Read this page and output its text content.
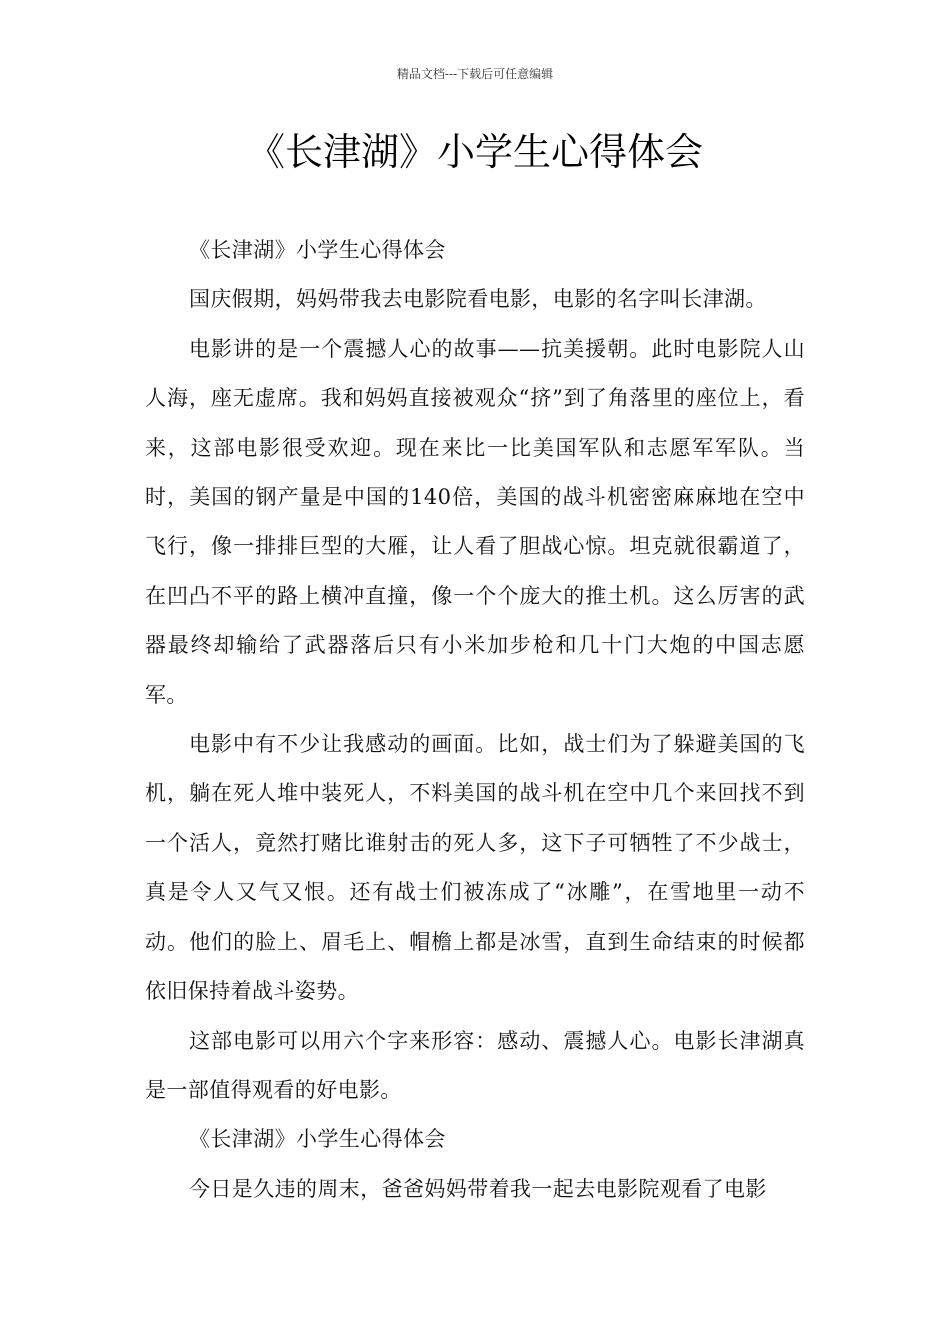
精品文档---下载后可任意编辑
《长津湖》小学生心得体会

《长津湖》小学生心得体会

国庆假期，妈妈带我去电影院看电影，电影的名字叫长津湖。

电影讲的是一个震撼人心的故事——抗美援朝。此时电影院人山人海，座无虚席。我和妈妈直接被观众“挤”到了角落里的座位上，看来，这部电影很受欢迎。现在来比一比美国军队和志愿军军队。当时，美国的钢产量是中国的140倍，美国的战斗机密密麻麻地在空中飞行，像一排排巨型的大雁，让人看了胆战心惊。坦克就很霸道了，在凹凸不平的路上横冲直撞，像一个个庞大的推土机。这么厉害的武器最终却输给了武器落后只有小米加步枪和几十门大炮的中国志愿军。

电影中有不少让我感动的画面。比如，战士们为了躲避美国的飞机，躺在死人堆中装死人，不料美国的战斗机在空中几个来回找不到一个活人，竟然打赌比谁射击的死人多，这下子可牺牲了不少战士，真是令人又气又恨。还有战士们被冻成了“冰雕”，在雪地里一动不动。他们的脸上、眉毛上、帽檐上都是冰雪，直到生命结束的时候都依旧保持着战斗姿势。

这部电影可以用六个字来形容：感动、震撼人心。电影长津湖真是一部值得观看的好电影。

《长津湖》小学生心得体会

今日是久违的周末，爸爸妈妈带着我一起去电影院观看了电影
